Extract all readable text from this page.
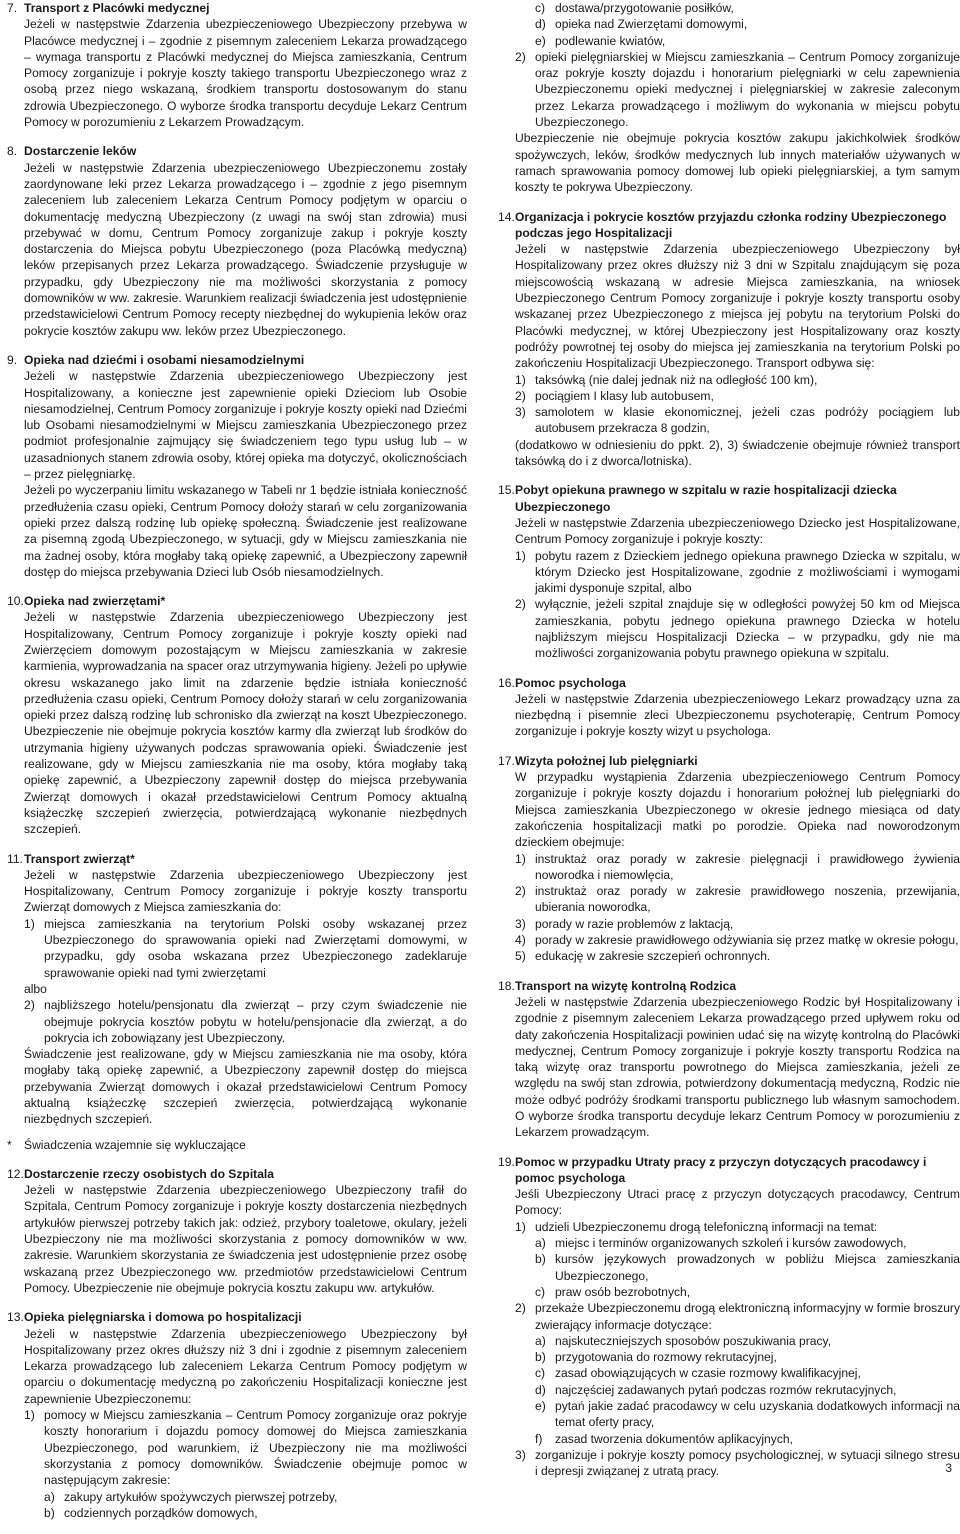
7. Transport z Placówki medycznej

Jeżeli w następstwie Zdarzenia ubezpieczeniowego Ubezpieczony przebywa w Placówce medycznej i – zgodnie z pisemnym zaleceniem Lekarza prowadzącego – wymaga transportu z Placówki medycznej do Miejsca zamieszkania, Centrum Pomocy zorganizuje i pokryje koszty takiego transportu Ubezpieczonego wraz z osobą przez niego wskazaną, środkiem transportu dostosowanym do stanu zdrowia Ubezpieczonego. O wyborze środka transportu decyduje Lekarz Centrum Pomocy w porozumieniu z Lekarzem Prowadzącym.

8. Dostarczenie leków

Jeżeli w następstwie Zdarzenia ubezpieczeniowego Ubezpieczonemu zostały zaordynowane leki przez Lekarza prowadzącego i – zgodnie z jego pisemnym zaleceniem lub zaleceniem Lekarza Centrum Pomocy podjętym w oparciu o dokumentację medyczną Ubezpieczony (z uwagi na swój stan zdrowia) musi przebywać w domu, Centrum Pomocy zorganizuje zakup i pokryje koszty dostarczenia do Miejsca pobytu Ubezpieczonego (poza Placówką medyczną) leków przepisanych przez Lekarza prowadzącego. Świadczenie przysługuje w przypadku, gdy Ubezpieczony nie ma możliwości skorzystania z pomocy domowników w ww. zakresie. Warunkiem realizacji świadczenia jest udostępnienie przedstawicielowi Centrum Pomocy recepty niezbędnej do wykupienia leków oraz pokrycie kosztów zakupu ww. leków przez Ubezpieczonego.

9. Opieka nad dziećmi i osobami niesamodzielnymi

Jeżeli w następstwie Zdarzenia ubezpieczeniowego Ubezpieczony jest Hospitalizowany, a konieczne jest zapewnienie opieki Dzieciom lub Osobie niesamodzielnej, Centrum Pomocy zorganizuje i pokryje koszty opieki nad Dziećmi lub Osobami niesamodzielnymi w Miejscu zamieszkania Ubezpieczonego przez podmiot profesjonalnie zajmujący się świadczeniem tego typu usług lub – w uzasadnionych stanem zdrowia osoby, której opieka ma dotyczyć, okolicznościach – przez pielęgniarkę.

Jeżeli po wyczerpaniu limitu wskazanego w Tabeli nr 1 będzie istniała konieczność przedłużenia czasu opieki, Centrum Pomocy dołoży starań w celu zorganizowania opieki przez dalszą rodzinę lub opiekę społeczną. Świadczenie jest realizowane za pisemną zgodą Ubezpieczonego, w sytuacji, gdy w Miejscu zamieszkania nie ma żadnej osoby, która mogłaby taką opiekę zapewnić, a Ubezpieczony zapewnił dostęp do miejsca przebywania Dzieci lub Osób niesamodzielnych.

10. Opieka nad zwierzętami*

Jeżeli w następstwie Zdarzenia ubezpieczeniowego Ubezpieczony jest Hospitalizowany, Centrum Pomocy zorganizuje i pokryje koszty opieki nad Zwierzęciem domowym pozostającym w Miejscu zamieszkania w zakresie karmienia, wyprowadzania na spacer oraz utrzymywania higieny. Jeżeli po upływie okresu wskazanego jako limit na zdarzenie będzie istniała konieczność przedłużenia czasu opieki, Centrum Pomocy dołoży starań w celu zorganizowania opieki przez dalszą rodzinę lub schronisko dla zwierząt na koszt Ubezpieczonego. Ubezpieczenie nie obejmuje pokrycia kosztów karmy dla zwierząt lub środków do utrzymania higieny używanych podczas sprawowania opieki. Świadczenie jest realizowane, gdy w Miejscu zamieszkania nie ma osoby, która mogłaby taką opiekę zapewnić, a Ubezpieczony zapewnił dostęp do miejsca przebywania Zwierząt domowych i okazał przedstawicielowi Centrum Pomocy aktualną książeczkę szczepień zwierzęcia, potwierdzającą wykonanie niezbędnych szczepień.

11. Transport zwierząt*

Jeżeli w następstwie Zdarzenia ubezpieczeniowego Ubezpieczony jest Hospitalizowany, Centrum Pomocy zorganizuje i pokryje koszty transportu Zwierząt domowych z Miejsca zamieszkania do:

1) miejsca zamieszkania na terytorium Polski osoby wskazanej przez Ubezpieczonego do sprawowania opieki nad Zwierzętami domowymi, w przypadku, gdy osoba wskazana przez Ubezpieczonego zadeklaruje sprawowanie opieki nad tymi zwierzętami

albo

2) najbliższego hotelu/pensjonatu dla zwierząt – przy czym świadczenie nie obejmuje pokrycia kosztów pobytu w hotelu/pensjonacie dla zwierząt, a do pokrycia ich zobowiązany jest Ubezpieczony.

Świadczenie jest realizowane, gdy w Miejscu zamieszkania nie ma osoby, która mogłaby taką opiekę zapewnić, a Ubezpieczony zapewnił dostęp do miejsca przebywania Zwierząt domowych i okazał przedstawicielowi Centrum Pomocy aktualną książeczkę szczepień zwierzęcia, potwierdzającą wykonanie niezbędnych szczepień.

*	Świadczenia wzajemnie się wykluczające
12. Dostarczenie rzeczy osobistych do Szpitala

Jeżeli w następstwie Zdarzenia ubezpieczeniowego Ubezpieczony trafił do Szpitala, Centrum Pomocy zorganizuje i pokryje koszty dostarczenia niezbędnych artykułów pierwszej potrzeby takich jak: odzież, przybory toaletowe, okulary, jeżeli Ubezpieczony nie ma możliwości skorzystania z pomocy domowników w ww. zakresie. Warunkiem skorzystania ze świadczenia jest udostępnienie przez osobę wskazaną przez Ubezpieczonego ww. przedmiotów przedstawicielowi Centrum Pomocy. Ubezpieczenie nie obejmuje pokrycia kosztu zakupu ww. artykułów.

13. Opieka pielęgniarska i domowa po hospitalizacji

Jeżeli w następstwie Zdarzenia ubezpieczeniowego Ubezpieczony był Hospitalizowany przez okres dłuższy niż 3 dni i zgodnie z pisemnym zaleceniem Lekarza prowadzącego lub zaleceniem Lekarza Centrum Pomocy podjętym w oparciu o dokumentację medyczną po zakończeniu Hospitalizacji konieczne jest zapewnienie Ubezpieczonemu:

1) pomocy w Miejscu zamieszkania – Centrum Pomocy zorganizuje oraz pokryje koszty honorarium i dojazdu pomocy domowej do Miejsca zamieszkania Ubezpieczonego, pod warunkiem, iż Ubezpieczony nie ma możliwości skorzystania z pomocy domowników. Świadczenie obejmuje pomoc w następującym zakresie:
a) zakupy artykułów spożywczych pierwszej potrzeby,
b) codziennych porządków domowych,
c) dostawa/przygotowanie posiłków,
d) opieka nad Zwierzętami domowymi,
e) podlewanie kwiatów,
2) opieki pielęgniarskiej w Miejscu zamieszkania – Centrum Pomocy zorganizuje oraz pokryje koszty dojazdu i honorarium pielęgniarki w celu zapewnienia Ubezpieczonemu opieki medycznej i pielęgniarskiej w zakresie zaleconym przez Lekarza prowadzącego i możliwym do wykonania w miejscu pobytu Ubezpieczonego.

Ubezpieczenie nie obejmuje pokrycia kosztów zakupu jakichkolwiek środków spożywczych, leków, środków medycznych lub innych materiałów używanych w ramach sprawowania pomocy domowej lub opieki pielęgniarskiej, a tym samym koszty te pokrywa Ubezpieczony.

14. Organizacja i pokrycie kosztów przyjazdu członka rodziny Ubezpieczonego podczas jego Hospitalizacji

Jeżeli w następstwie Zdarzenia ubezpieczeniowego Ubezpieczony był Hospitalizowany przez okres dłuższy niż 3 dni w Szpitalu znajdującym się poza miejscowością wskazaną w adresie Miejsca zamieszkania, na wniosek Ubezpieczonego Centrum Pomocy zorganizuje i pokryje koszty transportu osoby wskazanej przez Ubezpieczonego z miejsca jej pobytu na terytorium Polski do Placówki medycznej, w której Ubezpieczony jest Hospitalizowany oraz koszty podróży powrotnej tej osoby do miejsca jej zamieszkania na terytorium Polski po zakończeniu Hospitalizacji Ubezpieczonego. Transport odbywa się:

1) taksówką (nie dalej jednak niż na odległość 100 km),
2) pociągiem I klasy lub autobusem,
3) samolotem w klasie ekonomicznej, jeżeli czas podróży pociągiem lub autobusem przekracza 8 godzin,

(dodatkowo w odniesieniu do ppkt. 2), 3) świadczenie obejmuje również transport taksówką do i z dworca/lotniska).

15. Pobyt opiekuna prawnego w szpitalu w razie hospitalizacji dziecka Ubezpieczonego

Jeżeli w następstwie Zdarzenia ubezpieczeniowego Dziecko jest Hospitalizowane, Centrum Pomocy zorganizuje i pokryje koszty:

1) pobytu razem z Dzieckiem jednego opiekuna prawnego Dziecka w szpitalu, w którym Dziecko jest Hospitalizowane, zgodnie z możliwościami i wymogami jakimi dysponuje szpital, albo
2) wyłącznie, jeżeli szpital znajduje się w odległości powyżej 50 km od Miejsca zamieszkania, pobytu jednego opiekuna prawnego Dziecka w hotelu najbliższym miejscu Hospitalizacji Dziecka – w przypadku, gdy nie ma możliwości zorganizowania pobytu prawnego opiekuna w szpitalu.
16. Pomoc psychologa

Jeżeli w następstwie Zdarzenia ubezpieczeniowego Lekarz prowadzący uzna za niezbędną i pisemnie zleci Ubezpieczonemu psychoterapię, Centrum Pomocy zorganizuje i pokryje koszty wizyt u psychologa.

17. Wizyta położnej lub pielęgniarki

W przypadku wystąpienia Zdarzenia ubezpieczeniowego Centrum Pomocy zorganizuje i pokryje koszty dojazdu i honorarium położnej lub pielęgniarki do Miejsca zamieszkania Ubezpieczonego w okresie jednego miesiąca od daty zakończenia hospitalizacji matki po porodzie. Opieka nad noworodzonym dzieckiem obejmuje:

1) instruktaż oraz porady w zakresie pielęgnacji i prawidłowego żywienia noworodka i niemowlęcia,
2) instruktaż oraz porady w zakresie prawidłowego noszenia, przewijania, ubierania noworodka,
3) porady w razie problemów z laktacją,
4) porady w zakresie prawidłowego odżywiania się przez matkę w okresie połogu,
5) edukację w zakresie szczepień ochronnych.
18. Transport na wizytę kontrolną Rodzica

Jeżeli w następstwie Zdarzenia ubezpieczeniowego Rodzic był Hospitalizowany i zgodnie z pisemnym zaleceniem Lekarza prowadzącego przed upływem roku od daty zakończenia Hospitalizacji powinien udać się na wizytę kontrolną do Placówki medycznej, Centrum Pomocy zorganizuje i pokryje koszty transportu Rodzica na taką wizytę oraz transportu powrotnego do Miejsca zamieszkania, jeżeli ze względu na swój stan zdrowia, potwierdzony dokumentacją medyczną, Rodzic nie może odbyć podróży środkami transportu publicznego lub własnym samochodem. O wyborze środka transportu decyduje lekarz Centrum Pomocy w porozumieniu z Lekarzem prowadzącym.

19. Pomoc w przypadku Utraty pracy z przyczyn dotyczących pracodawcy i pomoc psychologa

Jeśli Ubezpieczony Utraci pracę z przyczyn dotyczących pracodawcy, Centrum Pomocy:

1) udzieli Ubezpieczonemu drogą telefoniczną informacji na temat:
a) miejsc i terminów organizowanych szkoleń i kursów zawodowych,
b) kursów językowych prowadzonych w pobliżu Miejsca zamieszkania Ubezpieczonego,
c) praw osób bezrobotnych,
2) przekaże Ubezpieczonemu drogą elektroniczną informacyjny w formie broszury zwierający informacje dotyczące:
a) najskuteczniejszych sposobów poszukiwania pracy,
b) przygotowania do rozmowy rekrutacyjnej,
c) zasad obowiązujących w czasie rozmowy kwalifikacyjnej,
d) najczęściej zadawanych pytań podczas rozmów rekrutacyjnych,
e) pytań jakie zadać pracodawcy w celu uzyskania dodatkowych informacji na temat oferty pracy,
f)	zasad tworzenia dokumentów aplikacyjnych,
3) zorganizuje i pokryje koszty pomocy psychologicznej, w sytuacji silnego stresu i depresji związanej z utratą pracy.	3
